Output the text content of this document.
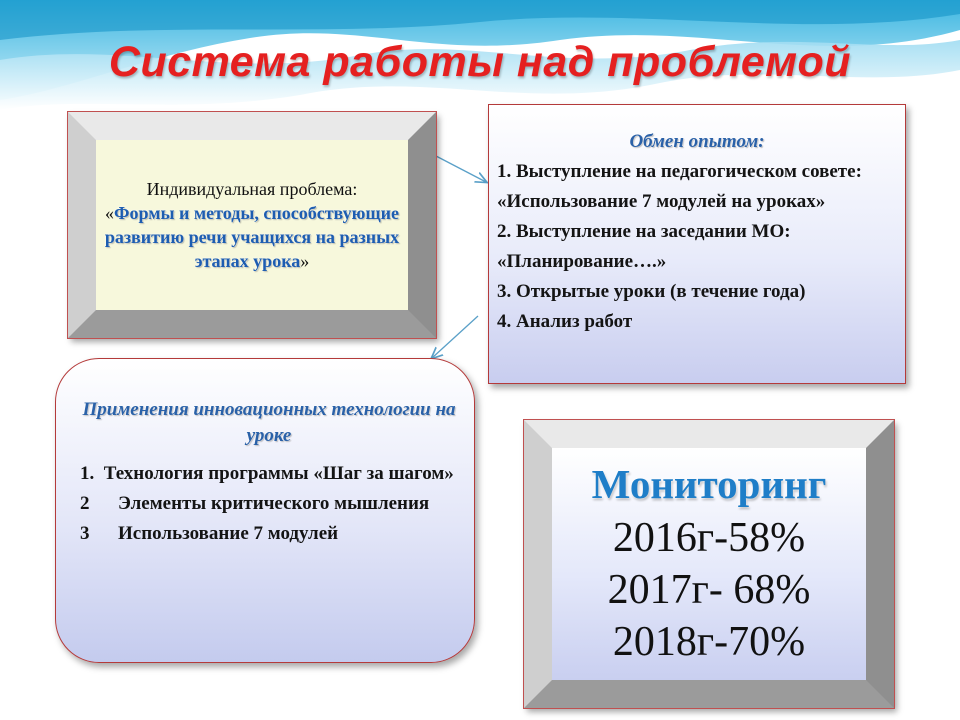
Система работы над проблемой
Индивидуальная проблема:
«Формы и методы, способствующие развитию речи учащихся на разных этапах урока»
Обмен опытом:
1. Выступление на педагогическом совете: «Использование 7 модулей на уроках»
2. Выступление на заседании МО: «Планирование….»
3. Открытые уроки (в течение года)
4. Анализ работ
Применения инновационных технологии на уроке
1. Технология программы «Шаг за шагом»
2	Элементы критического мышления
3	Использование 7 модулей
Мониторинг
2016г-58%
2017г- 68%
2018г-70%
